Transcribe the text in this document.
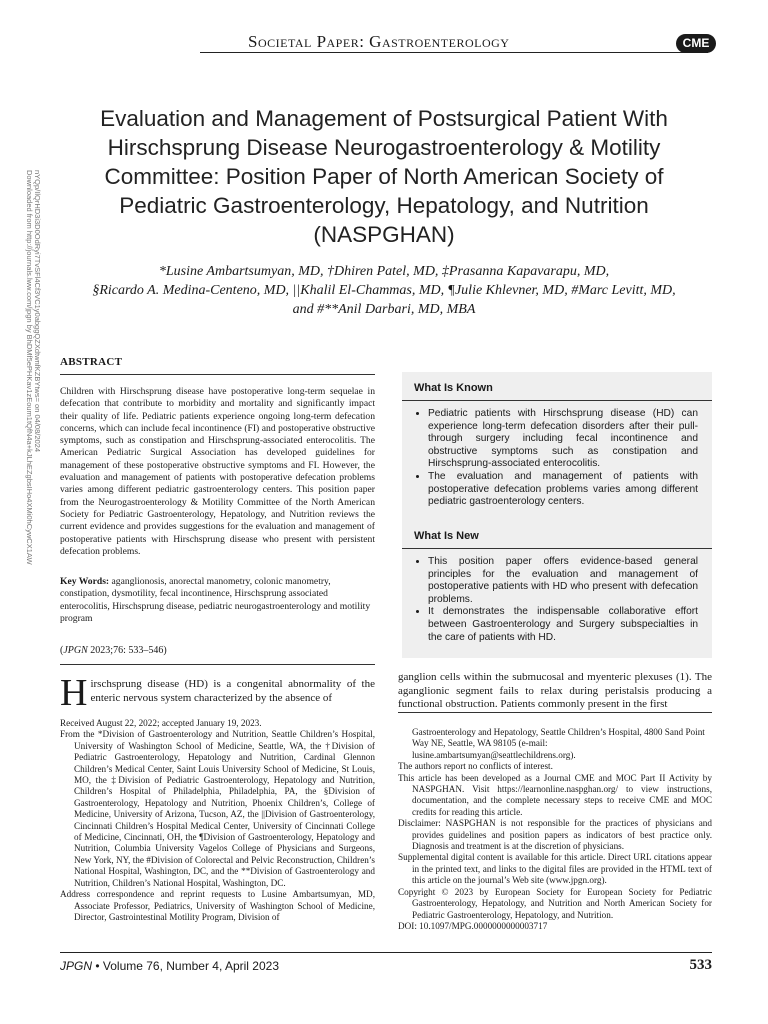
Societal Paper: Gastroenterology	CME
Downloaded from http://journals.lww.com/jpgn by BhDMf5ePHKav1zEoum1tQfN4a+kJLhEZgbsIHo4XMi0hCywCX1AW nYQp/IlQrHD3i3D0OdRyi7TvSFl4Cf3VC1y0abggQZXdtwnfKZBYtws= on 04/08/2024
Evaluation and Management of Postsurgical Patient With Hirschsprung Disease Neurogastroenterology & Motility Committee: Position Paper of North American Society of Pediatric Gastroenterology, Hepatology, and Nutrition (NASPGHAN)
*Lusine Ambartsumyan, MD, †Dhiren Patel, MD, ‡Prasanna Kapavarapu, MD,
§Ricardo A. Medina-Centeno, MD, ||Khalil El-Chammas, MD, ¶Julie Khlevner, MD, #Marc Levitt, MD,
and #**Anil Darbari, MD, MBA
ABSTRACT
Children with Hirschsprung disease have postoperative long-term sequelae in defecation that contribute to morbidity and mortality and significantly impact their quality of life. Pediatric patients experience ongoing long-term defecation concerns, which can include fecal incontinence (FI) and postoperative obstructive symptoms, such as constipation and Hirschsprung-associated enterocolitis. The American Pediatric Surgical Association has developed guidelines for management of these postoperative obstructive symptoms and FI. However, the evaluation and management of patients with postoperative defecation problems varies among different pediatric gastroenterology centers. This position paper from the Neurogastroenterology & Motility Committee of the North American Society for Pediatric Gastroenterology, Hepatology, and Nutrition reviews the current evidence and provides suggestions for the evaluation and management of postoperative patients with Hirschsprung disease who present with persistent defecation problems.
Key Words: aganglionosis, anorectal manometry, colonic manometry, constipation, dysmotility, fecal incontinence, Hirschsprung associated enterocolitis, Hirschsprung disease, pediatric neurogastroenterology and motility program
(JPGN 2023;76: 533–546)
What Is Known
• Pediatric patients with Hirschsprung disease (HD) can experience long-term defecation disorders after their pull-through surgery including fecal incontinence and obstructive symptoms such as constipation and Hirschsprung-associated enterocolitis.
• The evaluation and management of patients with postoperative defecation problems varies among different pediatric gastroenterology centers.
What Is New
• This position paper offers evidence-based general principles for the evaluation and management of postoperative patients with HD who present with defecation problems.
• It demonstrates the indispensable collaborative effort between Gastroenterology and Surgery subspecialties in the care of patients with HD.
Hirschsprung disease (HD) is a congenital abnormality of the enteric nervous system characterized by the absence of
ganglion cells within the submucosal and myenteric plexuses (1). The aganglionic segment fails to relax during peristalsis producing a functional obstruction. Patients commonly present in the first

Received August 22, 2022; accepted January 19, 2023.

From the *Division of Gastroenterology and Nutrition, Seattle Children’s Hospital, University of Washington School of Medicine, Seattle, WA, the †Division of Pediatric Gastroenterology, Hepatology and Nutrition, Cardinal Glennon Children’s Medical Center, Saint Louis University School of Medicine, St Louis, MO, the ‡Division of Pediatric Gastroenterology, Hepatology and Nutrition, Children’s Hospital of Philadelphia, Philadelphia, PA, the §Division of Gastroenterology, Hepatology and Nutrition, Phoenix Children’s, College of Medicine, University of Arizona, Tucson, AZ, the ||Division of Gastroenterology, Cincinnati Children’s Hospital Medical Center, University of Cincinnati College of Medicine, Cincinnati, OH, the ¶Division of Gastroenterology, Hepatology and Nutrition, Columbia University Vagelos College of Physicians and Surgeons, New York, NY, the #Division of Colorectal and Pelvic Reconstruction, Children’s National Hospital, Washington, DC, and the **Division of Gastroenterology and Nutrition, Children’s National Hospital, Washington, DC.

Address correspondence and reprint requests to Lusine Ambartsumyan, MD, Associate Professor, Pediatrics, University of Washington School of Medicine, Director, Gastrointestinal Motility Program, Division of

Gastroenterology and Hepatology, Seattle Children’s Hospital, 4800 Sand Point Way NE, Seattle, WA 98105 (e-mail: lusine.ambartsumyan@seattlechildrens.org).

The authors report no conflicts of interest.

This article has been developed as a Journal CME and MOC Part II Activity by NASPGHAN. Visit https://learnonline.naspghan.org/ to view instructions, documentation, and the complete necessary steps to receive CME and MOC credits for reading this article.

Disclaimer: NASPGHAN is not responsible for the practices of physicians and provides guidelines and position papers as indicators of best practice only. Diagnosis and treatment is at the discretion of physicians.

Supplemental digital content is available for this article. Direct URL citations appear in the printed text, and links to the digital files are provided in the HTML text of this article on the journal’s Web site (www.jpgn.org).

Copyright © 2023 by European Society for European Society for Pediatric Gastroenterology, Hepatology, and Nutrition and North American Society for Pediatric Gastroenterology, Hepatology, and Nutrition.

DOI: 10.1097/MPG.0000000000003717

JPGN • Volume 76, Number 4, April 2023	533
